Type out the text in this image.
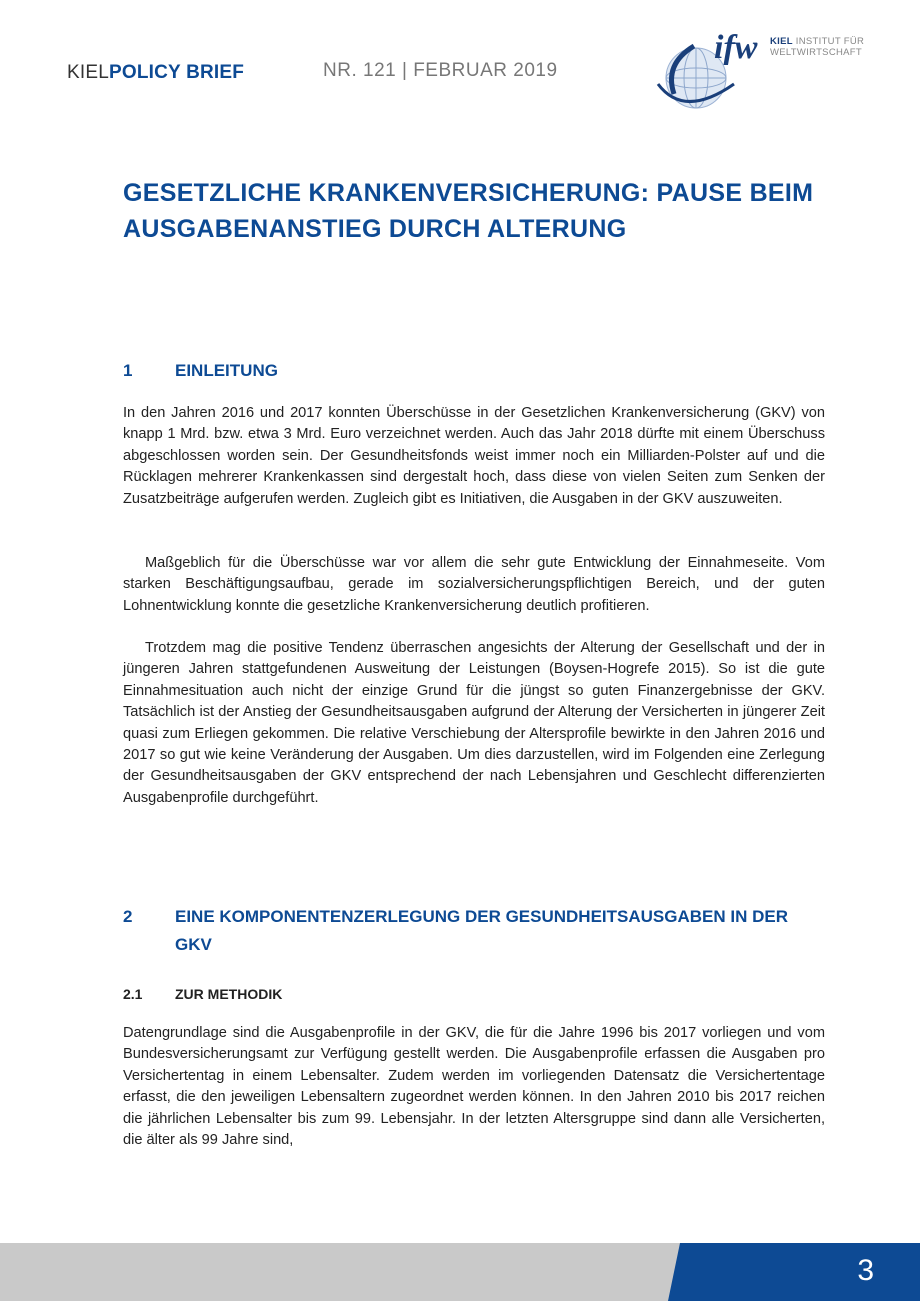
KIELPOLICY BRIEF	NR. 121 | FEBRUAR 2019
ifw KIEL INSTITUT FÜR
WELTWIRTSCHAFT
GESETZLICHE KRANKENVERSICHERUNG: PAUSE BEIM AUSGABENANSTIEG DURCH ALTERUNG
1	EINLEITUNG

In den Jahren 2016 und 2017 konnten Überschüsse in der Gesetzlichen Krankenversicherung (GKV) von knapp 1 Mrd. bzw. etwa 3 Mrd. Euro verzeichnet werden. Auch das Jahr 2018 dürfte mit einem Überschuss abgeschlossen worden sein. Der Gesundheitsfonds weist immer noch ein Milliarden-Polster auf und die Rücklagen mehrerer Krankenkassen sind dergestalt hoch, dass diese von vielen Seiten zum Senken der Zusatzbeiträge aufgerufen werden. Zugleich gibt es Initiativen, die Ausgaben in der GKV auszuweiten.

Maßgeblich für die Überschüsse war vor allem die sehr gute Entwicklung der Einnahmeseite. Vom starken Beschäftigungsaufbau, gerade im sozialversicherungspflichtigen Bereich, und der guten Lohnentwicklung konnte die gesetzliche Krankenversicherung deutlich profitieren.

Trotzdem mag die positive Tendenz überraschen angesichts der Alterung der Gesellschaft und der in jüngeren Jahren stattgefundenen Ausweitung der Leistungen (Boysen-Hogrefe 2015). So ist die gute Einnahmesituation auch nicht der einzige Grund für die jüngst so guten Finanzergebnisse der GKV. Tatsächlich ist der Anstieg der Gesundheitsausgaben aufgrund der Alterung der Versicherten in jüngerer Zeit quasi zum Erliegen gekommen. Die relative Verschiebung der Altersprofile bewirkte in den Jahren 2016 und 2017 so gut wie keine Veränderung der Ausgaben. Um dies darzustellen, wird im Folgenden eine Zerlegung der Gesundheitsausgaben der GKV entsprechend der nach Lebensjahren und Geschlecht differenzierten Ausgabenprofile durchgeführt.

2	EINE KOMPONENTENZERLEGUNG DER GESUNDHEITSAUSGABEN IN DER GKV
2.1 ZUR METHODIK

Datengrundlage sind die Ausgabenprofile in der GKV, die für die Jahre 1996 bis 2017 vorliegen und vom Bundesversicherungsamt zur Verfügung gestellt werden. Die Ausgabenprofile erfassen die Ausgaben pro Versichertentag in einem Lebensalter. Zudem werden im vorliegenden Datensatz die Versichertentage erfasst, die den jeweiligen Lebensaltern zugeordnet werden können. In den Jahren 2010 bis 2017 reichen die jährlichen Lebensalter bis zum 99. Lebensjahr. In der letzten Altersgruppe sind dann alle Versicherten, die älter als 99 Jahre sind,

3
